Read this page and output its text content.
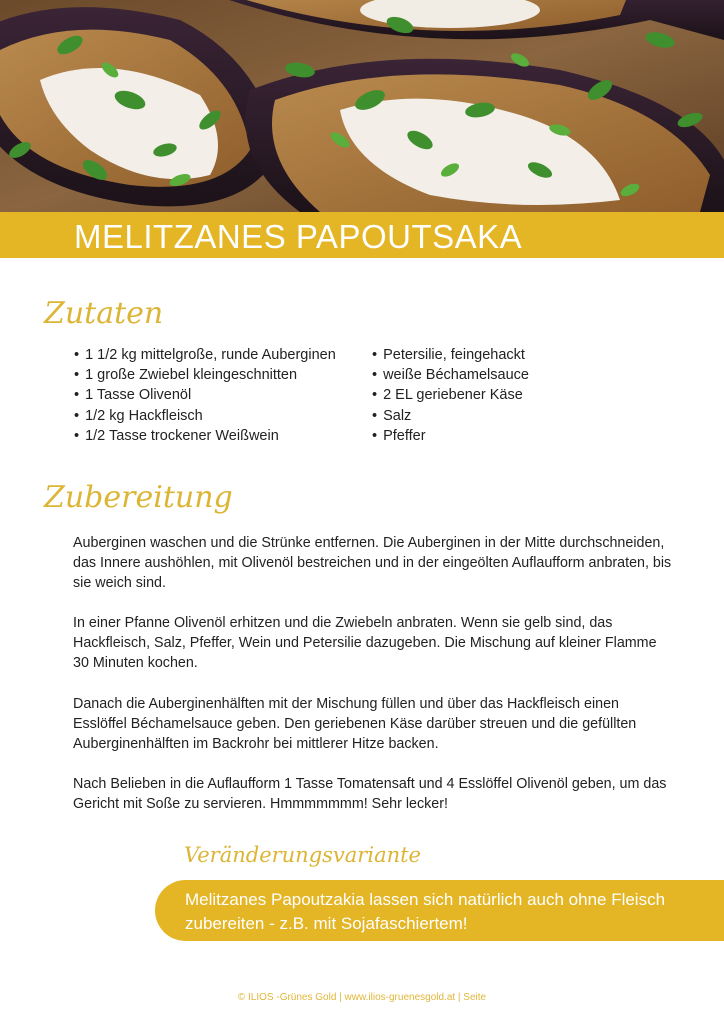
MELITZANES PAPOUTSAKA
Zutaten
• 1 1/2 kg mittelgroße, runde Auberginen
• 1 große Zwiebel kleingeschnitten
• 1 Tasse Olivenöl
• 1/2 kg Hackfleisch
• 1/2 Tasse trockener Weißwein
• Petersilie, feingehackt
• weiße Béchamelsauce
• 2 EL geriebener Käse
• Salz
• Pfeffer
Zubereitung

Auberginen waschen und die Strünke entfernen. Die Auberginen in der Mitte durchschneiden, das Innere aushöhlen, mit Olivenöl bestreichen und in der eingeölten Auflaufform anbraten, bis sie weich sind.

In einer Pfanne Olivenöl erhitzen und die Zwiebeln anbraten. Wenn sie gelb sind, das Hackfleisch, Salz, Pfeffer, Wein und Petersilie dazugeben. Die Mischung auf kleiner Flamme 30 Minuten kochen.

Danach die Auberginenhälften mit der Mischung füllen und über das Hackfleisch einen Esslöffel Béchamelsauce geben. Den geriebenen Käse darüber streuen und die gefüllten Auberginenhälften im Backrohr bei mittlerer Hitze backen.

Nach Belieben in die Auflaufform 1 Tasse Tomatensaft und 4 Esslöffel Olivenöl geben, um das Gericht mit Soße zu servieren. Hmmmmmmm! Sehr lecker!

Veränderungsvariante

Melitzanes Papoutzakia lassen sich natürlich auch ohne Fleisch zubereiten - z.B. mit Sojafaschiertem!

© ILIOS -Grünes Gold | www.ilios-gruenesgold.at | Seite
